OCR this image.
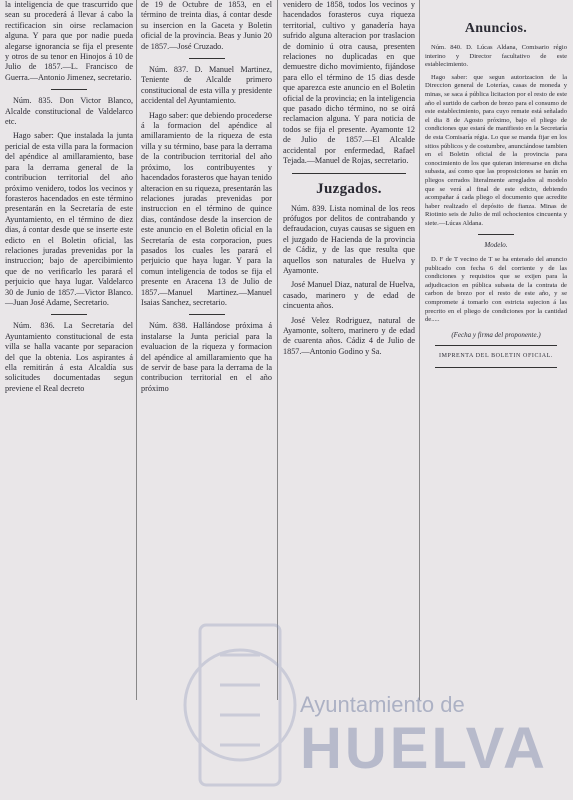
la inteligencia de que trascurrido que sean su procederá á llevar á cabo la rectificacion sin oirse reclamacion alguna. Y para que por nadie pueda alegarse ignorancia se fija el presente y otros de su tenor en Hinojos á 10 de Julio de 1857.—L. Francisco de Guerra.—Antonio Jimenez, secretario.

Núm. 835. Don Victor Blanco, Alcalde constitucional de Valdelarco etc.

Hago saber: Que instalada la junta pericial de esta villa para la formacion del apéndice al amillaramiento, base para la derrama general de la contribucion territorial del año próximo venidero, todos los vecinos y forasteros hacendados en este término presentarán en la Secretaría de este Ayuntamiento, en el término de diez dias, á contar desde que se inserte este edicto en el Boletin oficial, las relaciones juradas prevenidas por la instruccion; bajo de apercibimiento que de no verificarlo les parará el perjuicio que haya lugar. Valdelarco 30 de Junio de 1857.—Victor Blanco.—Juan José Adame, Secretario.

Núm. 836. La Secretaría del Ayuntamiento constitucional de esta villa se halla vacante por separacion del que la obtenia. Los aspirantes á ella remitirán á esta Alcaldía sus solicitudes documentadas segun previene el Real decreto

de 19 de Octubre de 1853, en el término de treinta dias, á contar desde su insercion en la Gaceta y Boletin oficial de la provincia. Beas y Junio 20 de 1857.—José Cruzado.

Núm. 837. D. Manuel Martinez, Teniente de Alcalde primero constitucional de esta villa y presidente accidental del Ayuntamiento.

Hago saber: que debiendo procederse á la formacion del apéndice al amillaramiento de la riqueza de esta villa y su término, base para la derrama de la contribucion territorial del año próximo, los contribuyentes y hacendados forasteros que hayan tenido alteracion en su riqueza, presentarán las relaciones juradas prevenidas por instruccion en el término de quince dias, contándose desde la insercion de este anuncio en el Boletin oficial en la Secretaría de esta corporacion, pues pasados los cuales les parará el perjuicio que haya lugar. Y para la comun inteligencia de todos se fija el presente en Aracena 13 de Julio de 1857.—Manuel Martinez.—Manuel Isaias Sanchez, secretario.

Núm. 838. Hallándose próxima á instalarse la Junta pericial para la evaluacion de la riqueza y formacion del apéndice al amillaramiento que ha de servir de base para la derrama de la contribucion territorial en el año próximo

venidero de 1858, todos los vecinos y hacendados forasteros cuya riqueza territorial, cultivo y ganadería haya sufrido alguna alteracion por traslacion de dominio ú otra causa, presenten relaciones no duplicadas en que demuestre dicho movimiento, fijándose para ello el término de 15 dias desde que aparezca este anuncio en el Boletin oficial de la provincia; en la inteligencia que pasado dicho término, no se oirá reclamacion alguna. Y para noticia de todos se fija el presente. Ayamonte 12 de Julio de 1857.—El Alcalde accidental por enfermedad, Rafael Tejada.—Manuel de Rojas, secretario.

Juzgados.

Núm. 839. Lista nominal de los reos prófugos por delitos de contrabando y defraudacion, cuyas causas se siguen en el juzgado de Hacienda de la provincia de Cádiz, y de las que resulta que aquellos son naturales de Huelva y Ayamonte.

José Manuel Diaz, natural de Huelva, casado, marinero y de edad de cincuenta años.

José Velez Rodriguez, natural de Ayamonte, soltero, marinero y de edad de cuarenta años. Cádiz 4 de Julio de 1857.—Antonio Godino y Sa.

Anuncios.

Núm. 840. D. Lúcas Aldana, Comisario régio interino y Director facultativo de este establecimiento.

Hago saber: que segun autorizacion de la Direccion general de Loterías, casas de moneda y minas, se saca á pública licitacion por el resto de este año el surtido de carbon de brezo para el consumo de este establecimiento, para cuyo remate está señalado el dia 8 de Agosto próximo, bajo el pliego de condiciones que estará de manifiesto en la Secretaría de esta Comisaría régia. Lo que se manda fijar en los sitios públicos y de costumbre, anunciándose tambien en el Boletin oficial de la provincia para conocimiento de los que quieran interesarse en dicha subasta, así como que las proposiciones se harán en pliegos cerrados literalmente arreglados al modelo que se verá al final de este edicto, debiendo acompañar á cada pliego el documento que acredite haber realizado el depósito de fianza. Minas de Riotinto seis de Julio de mil ochocientos cincuenta y siete.—Lúcas Aldana.

Modelo.

D. F de T vecino de T se ha enterado del anuncio publicado con fecha 6 del corriente y de las condiciones y requisitos que se exijen para la adjudicacion en pública subasta de la contrata de carbon de brezo por el resto de este año, y se compromete á tomarlo con estricta sujecion á las precrito en el pliego de condiciones por la cantidad de.....

(Fecha y firma del proponente.)

IMPRENTA DEL BOLETIN OFICIAL.

Ayuntamiento de
HUELVA
